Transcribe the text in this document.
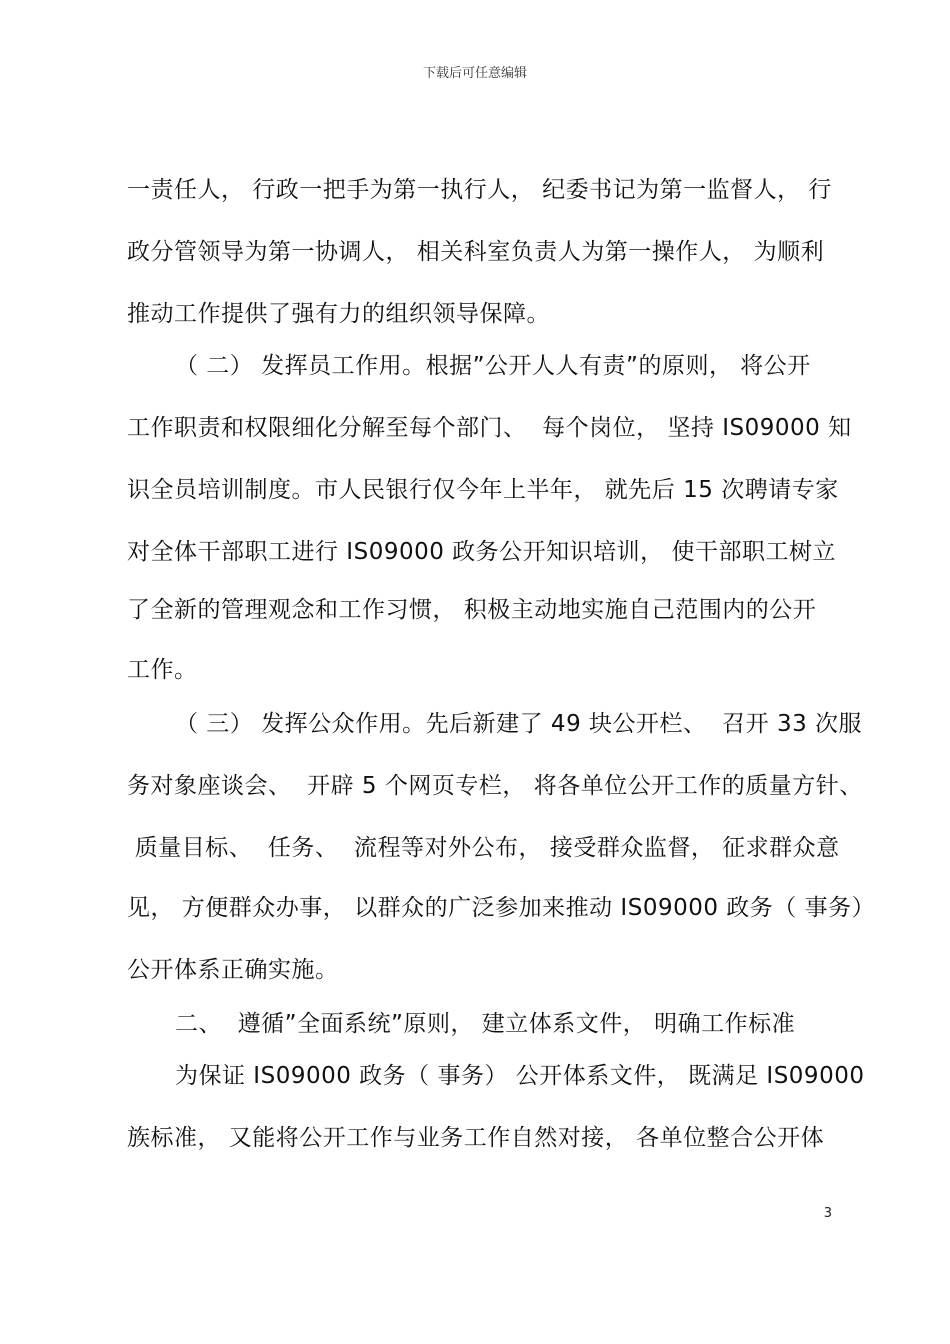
下载后可任意编辑
一责任人， 行政一把手为第一执行人， 纪委书记为第一监督人， 行
政分管领导为第一协调人， 相关科室负责人为第一操作人， 为顺利
推动工作提供了强有力的组织领导保障。
（ 二） 发挥员工作用。根据”公开人人有责”的原则， 将公开
工作职责和权限细化分解至每个部门、  每个岗位， 坚持 IS09000 知
识全员培训制度。市人民银行仅今年上半年， 就先后 15 次聘请专家
对全体干部职工进行 IS09000 政务公开知识培训， 使干部职工树立
了全新的管理观念和工作习惯， 积极主动地实施自己范围内的公开
工作。
（ 三） 发挥公众作用。先后新建了 49 块公开栏、  召开 33 次服
务对象座谈会、  开辟 5 个网页专栏， 将各单位公开工作的质量方针、
质量目标、  任务、  流程等对外公布， 接受群众监督， 征求群众意
见， 方便群众办事， 以群众的广泛参加来推动 IS09000 政务（ 事务）
公开体系正确实施。
二、  遵循”全面系统”原则， 建立体系文件， 明确工作标准
为保证 IS09000 政务（ 事务） 公开体系文件， 既满足 IS09000
族标准， 又能将公开工作与业务工作自然对接， 各单位整合公开体
3
